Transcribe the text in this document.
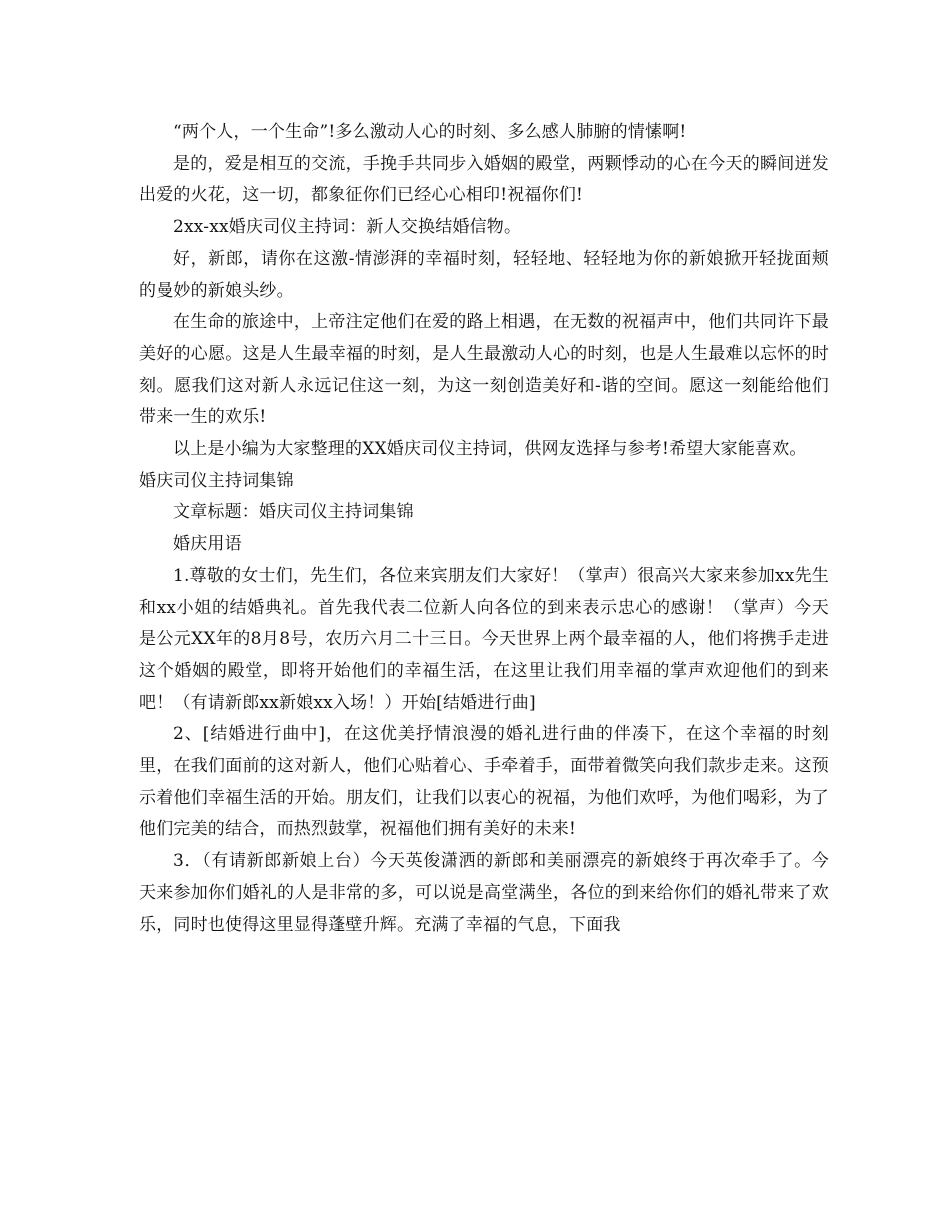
“两个人，一个生命”!多么激动人心的时刻、多么感人肺腑的情愫啊!

是的，爱是相互的交流，手挽手共同步入婚姻的殿堂，两颗悸动的心在今天的瞬间迸发出爱的火花，这一切，都象征你们已经心心相印!祝福你们!

2xx-xx婚庆司仪主持词：新人交换结婚信物。

好，新郎，请你在这激-情澎湃的幸福时刻，轻轻地、轻轻地为你的新娘掀开轻拢面颊的曼妙的新娘头纱。

在生命的旅途中，上帝注定他们在爱的路上相遇，在无数的祝福声中，他们共同许下最美好的心愿。这是人生最幸福的时刻，是人生最激动人心的时刻，也是人生最难以忘怀的时刻。愿我们这对新人永远记住这一刻，为这一刻创造美好和-谐的空间。愿这一刻能给他们带来一生的欢乐!

以上是小编为大家整理的XX婚庆司仪主持词，供网友选择与参考!希望大家能喜欢。

婚庆司仪主持词集锦

文章标题：婚庆司仪主持词集锦

婚庆用语

1.尊敬的女士们，先生们，各位来宾朋友们大家好！（掌声）很高兴大家来参加xx先生和xx小姐的结婚典礼。首先我代表二位新人向各位的到来表示忠心的感谢！（掌声）今天是公元XX年的8月8号，农历六月二十三日。今天世界上两个最幸福的人，他们将携手走进这个婚姻的殿堂，即将开始他们的幸福生活，在这里让我们用幸福的掌声欢迎他们的到来吧！（有请新郎xx新娘xx入场！）开始[结婚进行曲]

2、[结婚进行曲中]，在这优美抒情浪漫的婚礼进行曲的伴凑下，在这个幸福的时刻里，在我们面前的这对新人，他们心贴着心、手牵着手，面带着微笑向我们款步走来。这预示着他们幸福生活的开始。朋友们，让我们以衷心的祝福，为他们欢呼，为他们喝彩，为了他们完美的结合，而热烈鼓掌，祝福他们拥有美好的未来!

3．（有请新郎新娘上台）今天英俊潇洒的新郎和美丽漂亮的新娘终于再次牵手了。今天来参加你们婚礼的人是非常的多，可以说是高堂满坐，各位的到来给你们的婚礼带来了欢乐，同时也使得这里显得蓬壁升辉。充满了幸福的气息，下面我
